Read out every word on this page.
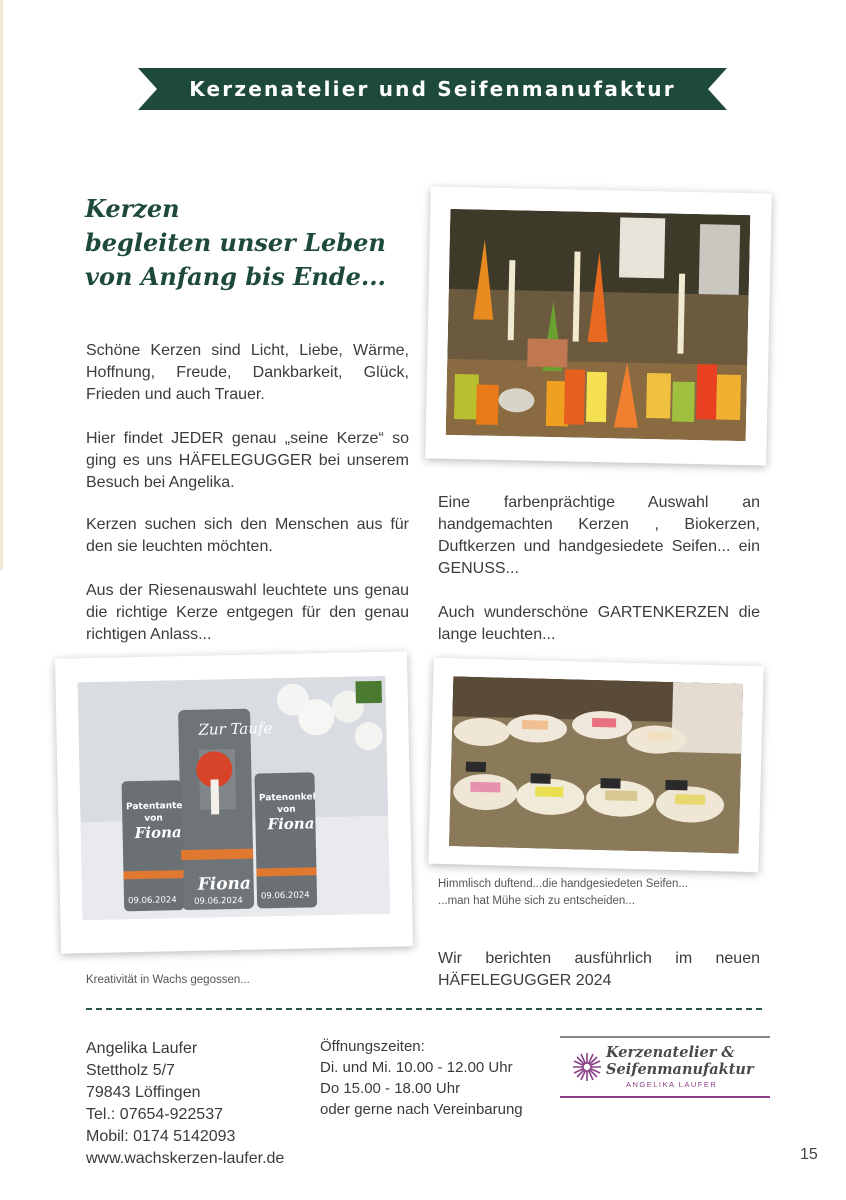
Kerzenatelier und Seifenmanufaktur
Kerzen
begleiten unser Leben
von Anfang bis Ende...
Schöne Kerzen sind Licht, Liebe, Wärme, Hoffnung, Freude, Dankbarkeit, Glück, Frieden und auch Trauer.
Hier findet JEDER genau „seine Kerze“ so ging es uns HÄFELEGUGGER bei unserem Besuch bei Angelika.
Kerzen suchen sich den Menschen aus für den sie leuchten möchten.
Aus der Riesenauswahl leuchtete uns genau die richtige Kerze entgegen für den genau richtigen Anlass...
Eine farbenprächtige Auswahl an handgemachten Kerzen , Biokerzen, Duftkerzen und handgesiedete Seifen... ein GENUSS...
Auch wunderschöne GARTENKERZEN die lange leuchten...
Zur Taufe
Patentante
von
Fiona
Patenonkel
von
Fiona
Fiona
09.06.2024 09.06.2024 09.06.2024
Himmlisch duftend...die handgesiedeten Seifen...
...man hat Mühe sich zu entscheiden...
Kreativität in Wachs gegossen...
Wir berichten ausführlich im neuen HÄFELEGUGGER 2024
Angelika Laufer
Stettholz 5/7
79843 Löffingen
Tel.: 07654-922537
Mobil: 0174 5142093
www.wachskerzen-laufer.de
Öffnungszeiten:
Di. und Mi. 10.00 - 12.00 Uhr
Do 15.00 - 18.00 Uhr
oder gerne nach Vereinbarung
Kerzenatelier &
Seifenmanufaktur
ANGELIKA LAUFER
15
